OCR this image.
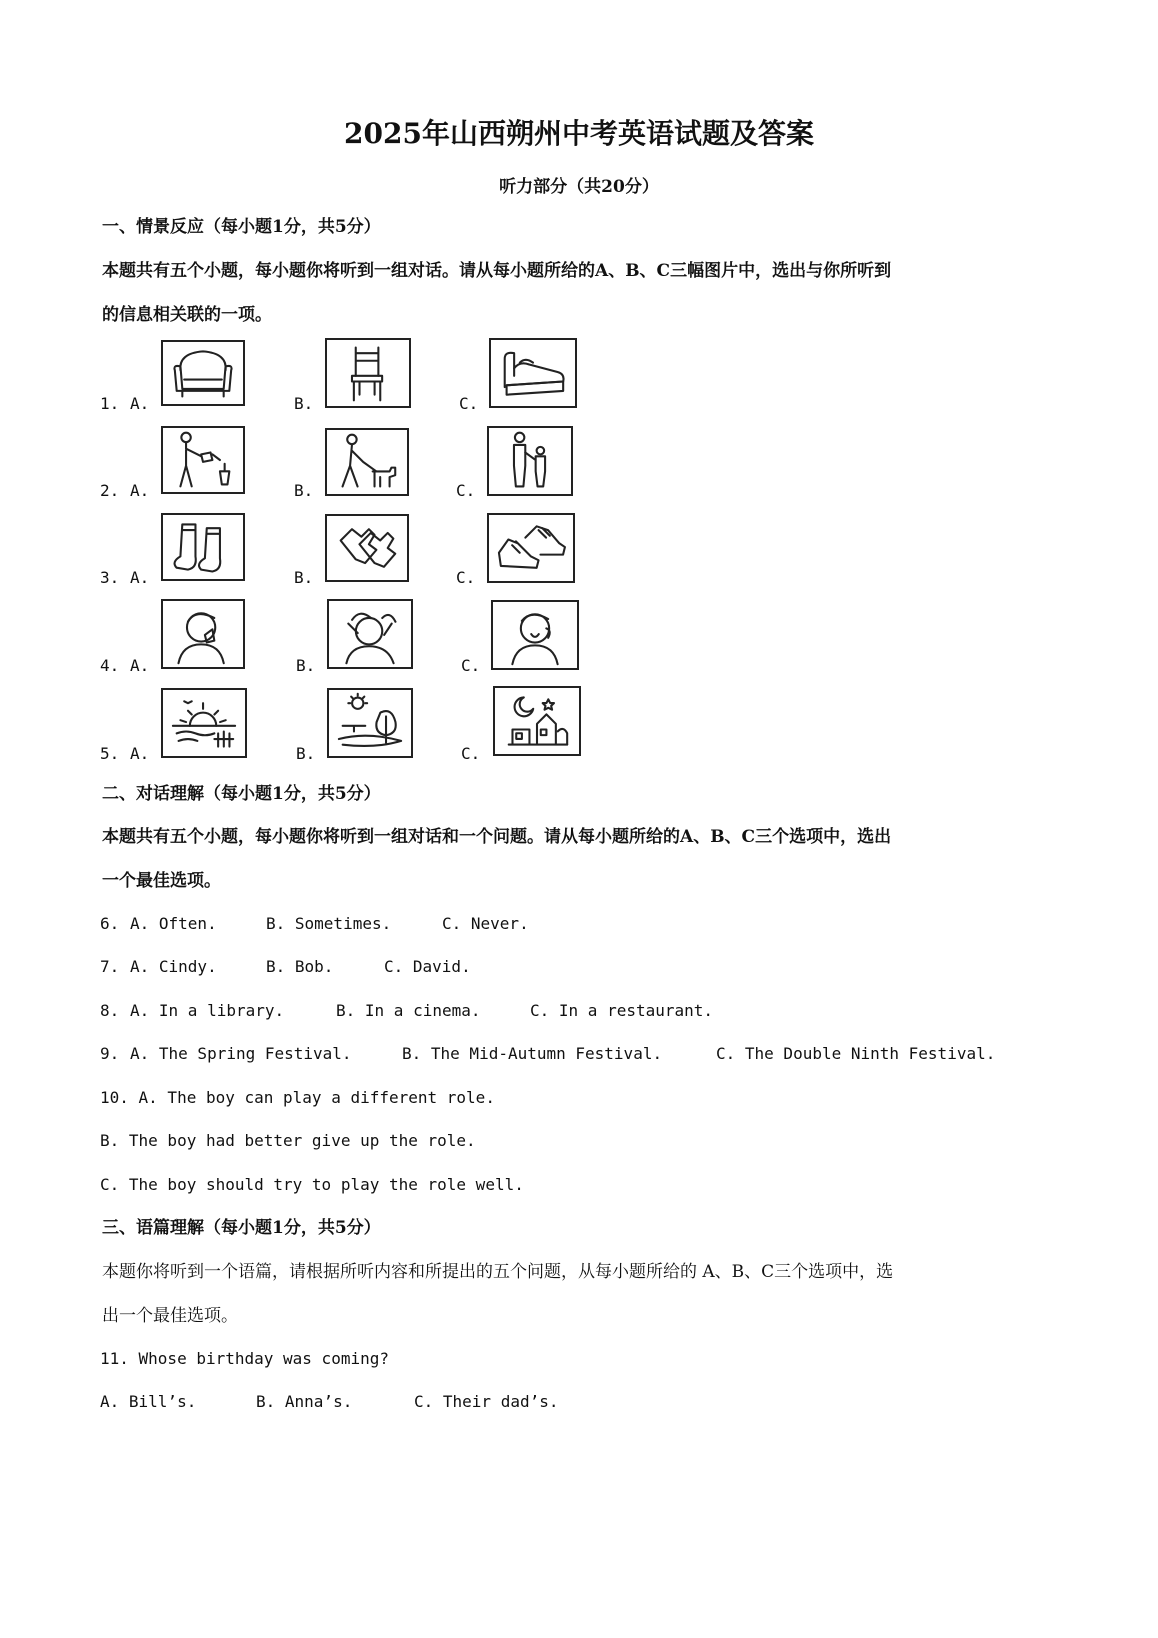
2025年山西朔州中考英语试题及答案
听力部分（共20分）
一、情景反应（每小题1分，共5分）
本题共有五个小题，每小题你将听到一组对话。请从每小题所给的A、B、C三幅图片中，选出与你所听到
的信息相关联的一项。
1. A.	B.	C.
2. A.	B.	C.
3. A.	B.	C.
4. A.	B.	C.
5. A.	B.	C.
二、对话理解（每小题1分，共5分）
本题共有五个小题，每小题你将听到一组对话和一个问题。请从每小题所给的A、B、C三个选项中，选出
一个最佳选项。
6. A. Often.	B. Sometimes.	C. Never.
7. A. Cindy.	B. Bob.	C. David.
8. A. In a library.	B. In a cinema.	C. In a restaurant.
9. A. The Spring Festival.	B. The Mid-Autumn Festival.	C. The Double Ninth Festival.
10. A. The boy can play a different role.
B. The boy had better give up the role.
C. The boy should try to play the role well.
三、语篇理解（每小题1分，共5分）
本题你将听到一个语篇，请根据所听内容和所提出的五个问题，从每小题所给的 A、B、C三个选项中，选
出一个最佳选项。
11. Whose birthday was coming?
A. Bill’s.	B. Anna’s.	C. Their dad’s.
